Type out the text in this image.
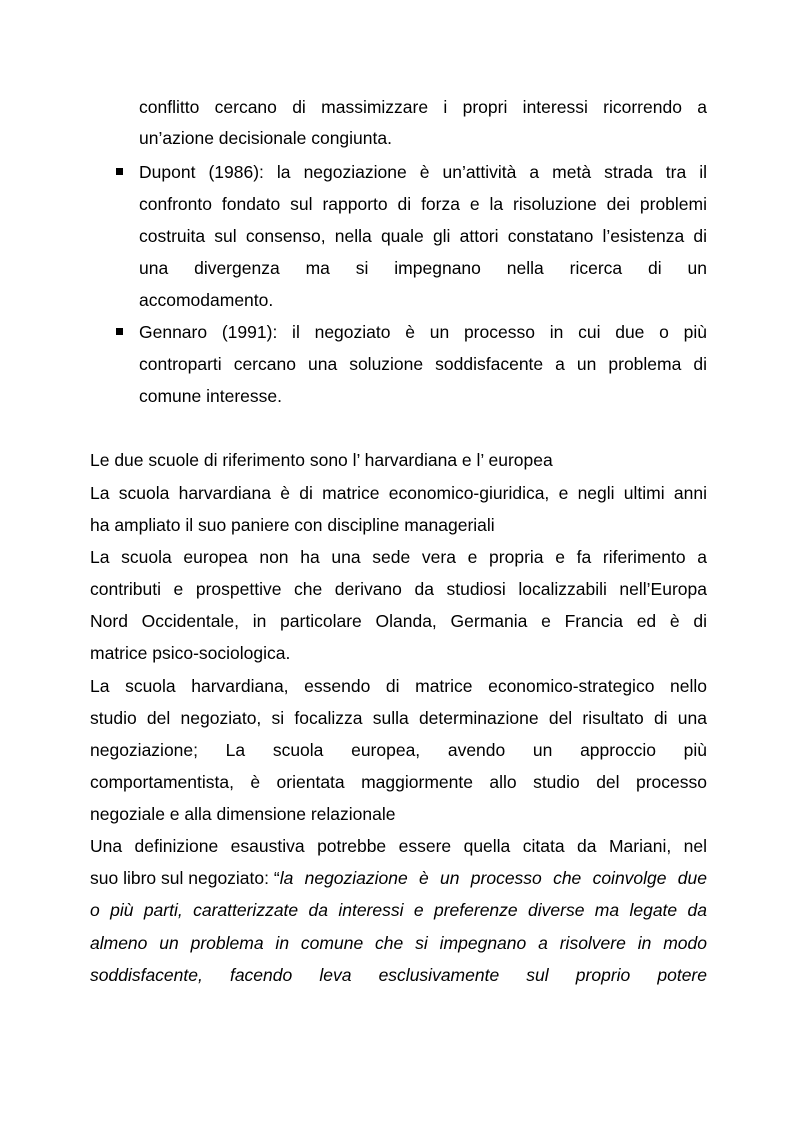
conflitto cercano di massimizzare i propri interessi ricorrendo a
un’azione decisionale congiunta.
Dupont (1986): la negoziazione è un’attività a metà strada tra il
confronto fondato sul rapporto di forza e la risoluzione dei problemi
costruita sul consenso, nella quale gli attori constatano l’esistenza di
una divergenza ma si impegnano nella ricerca di un
accomodamento.
Gennaro (1991): il negoziato è un processo in cui due o più
controparti cercano una soluzione soddisfacente a un problema di
comune interesse.
Le due scuole di riferimento sono l’ harvardiana e l’ europea
La scuola harvardiana è di matrice economico-giuridica, e negli ultimi anni
ha ampliato il suo paniere con discipline manageriali
La scuola europea non ha una sede vera e propria e fa riferimento a
contributi e prospettive che derivano da studiosi localizzabili nell’Europa
Nord Occidentale, in particolare Olanda, Germania e Francia ed è di
matrice psico-sociologica.
La scuola harvardiana, essendo di matrice economico-strategico nello
studio del negoziato, si focalizza sulla determinazione del risultato di una
negoziazione; La scuola europea, avendo un approccio più
comportamentista, è orientata maggiormente allo studio del processo
negoziale e alla dimensione relazionale
Una definizione esaustiva potrebbe essere quella citata da Mariani, nel
suo libro sul negoziato: “ la negoziazione è un processo che coinvolge due
o più parti, caratterizzate da interessi e preferenze diverse ma legate da
almeno un problema in comune che si impegnano a risolvere in modo
soddisfacente, facendo leva esclusivamente sul proprio potere
